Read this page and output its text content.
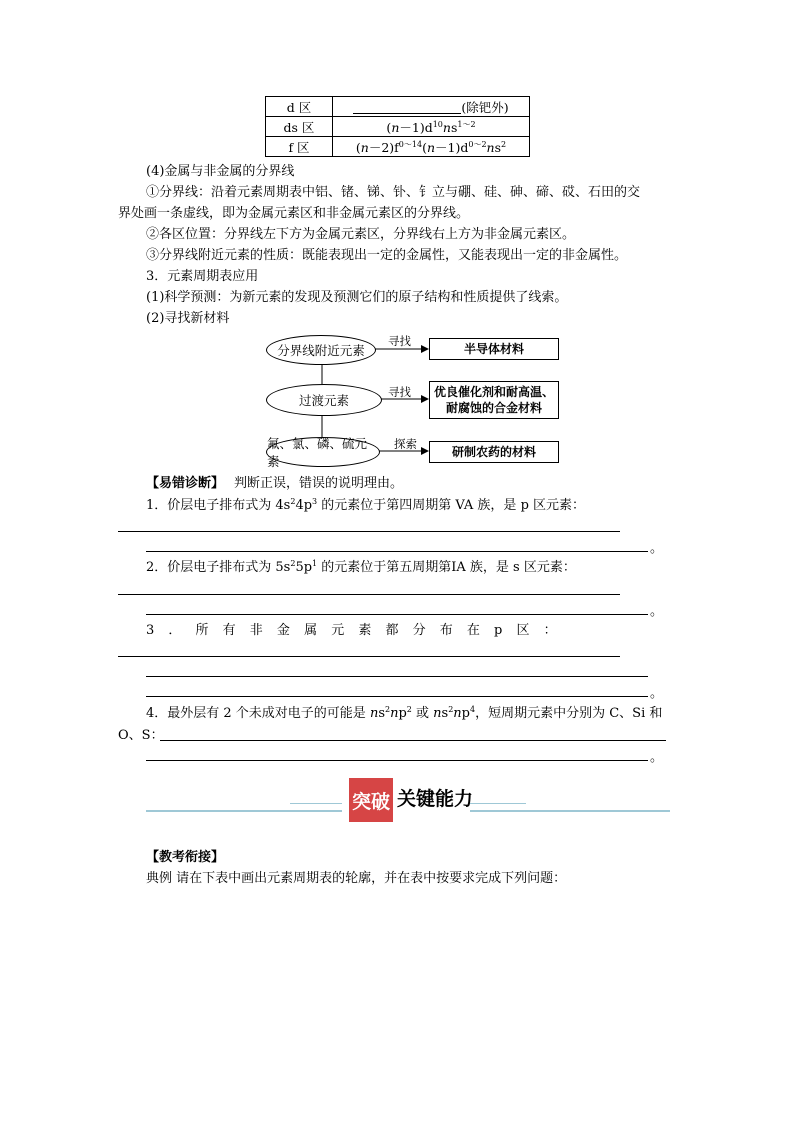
d 区	(除钯外)
ds 区	$(n-1)d^{10}ns^{1\sim 2}$
f 区	$(n-2)f^{0\sim 14}(n-1)d^{0\sim 2}ns^2$
(4)金属与非金属的分界线
①分界线：沿着元素周期表中铝、锗、锑、钋、钅立与硼、硅、砷、碲、砹、石田的交
界处画一条虚线，即为金属元素区和非金属元素区的分界线。
②各区位置：分界线左下方为金属元素区，分界线右上方为非金属元素区。
③分界线附近元素的性质：既能表现出一定的金属性，又能表现出一定的非金属性。
3．元素周期表应用
(1)科学预测：为新元素的发现及预测它们的原子结构和性质提供了线索。
(2)寻找新材料
分界线附近元素
过渡元素
氟、氯、磷、硫元素
寻找
寻找
探索
半导体材料
优良催化剂和耐高温、
耐腐蚀的合金材料
研制农药的材料
【易错诊断】 判断正误，错误的说明理由。
1．价层电子排布式为 $4s^24p^3$ 的元素位于第四周期第 VA 族，是 p 区元素：
。
2．价层电子排布式为 $5s^25p^1$ 的元素位于第五周期第ⅠA 族，是 s 区元素：
。
3 ． 所 有 非 金 属 元 素 都 分 布 在 p 区 ：
。
4．最外层有 2 个未成对电子的可能是 $ns^2np^2$ 或 $ns^2np^4$，短周期元素中分别为 C、Si 和
O、S：
。
突破 关键能力
【教考衔接】
典例 请在下表中画出元素周期表的轮廓，并在表中按要求完成下列问题：
